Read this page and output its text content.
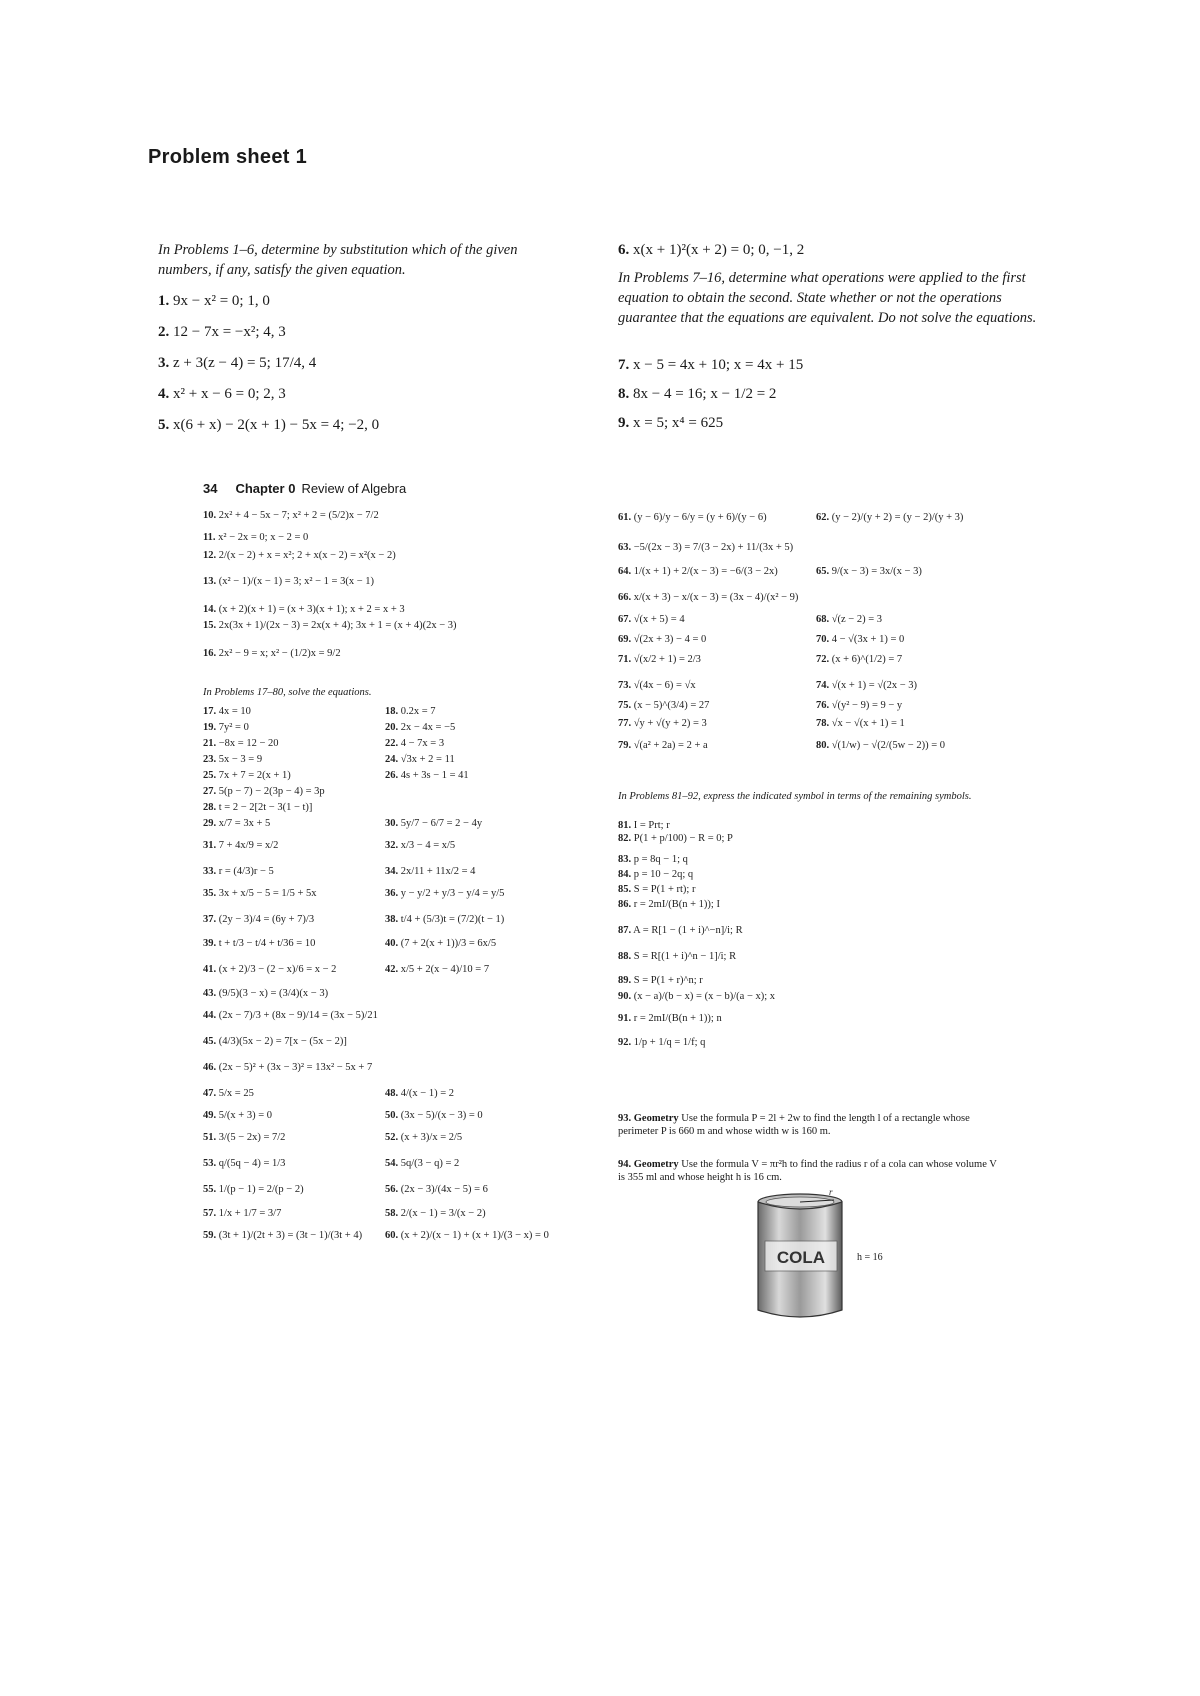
Problem sheet 1
In Problems 1–6, determine by substitution which of the given numbers, if any, satisfy the given equation.
1. 9x − x² = 0; 1, 0
2. 12 − 7x = −x²; 4, 3
3. z + 3(z − 4) = 5; 17/4, 4
4. x² + x − 6 = 0; 2, 3
5. x(6 + x) − 2(x + 1) − 5x = 4; −2, 0
6. x(x + 1)²(x + 2) = 0; 0, −1, 2
In Problems 7–16, determine what operations were applied to the first equation to obtain the second. State whether or not the operations guarantee that the equations are equivalent. Do not solve the equations.
7. x − 5 = 4x + 10; x = 4x + 15
8. 8x − 4 = 16; x − 1/2 = 2
9. x = 5; x⁴ = 625
34 Chapter 0 Review of Algebra
10. 2x² + 4 − 5x − 7; x² + 2 = (5/2)x − 7/2
11. x² − 2x = 0; x − 2 = 0
12. 2/(x − 2) + x = x²; 2 + x(x − 2) = x²(x − 2)
13. (x² − 1)/(x − 1) = 3; x² − 1 = 3(x − 1)
14. (x + 2)(x + 1) = (x + 3)(x + 1); x + 2 = x + 3
15. 2x(3x + 1)/(2x − 3) = 2x(x + 4); 3x + 1 = (x + 4)(2x − 3)
16. 2x² − 9 = x; x² − (1/2)x = 9/2
In Problems 17–80, solve the equations.
17. 4x = 10	18. 0.2x = 7
19. 7y² = 0	20. 2x − 4x = −5
21. −8x = 12 − 20	22. 4 − 7x = 3
23. 5x − 3 = 9	24. √3x + 2 = 11
25. 7x + 7 = 2(x + 1)	26. 4s + 3s − 1 = 41
27. 5(p − 7) − 2(3p − 4) = 3p
28. t = 2 − 2[2t − 3(1 − t)]
29. x/7 = 3x + 5	30. 5y/7 − 6/7 = 2 − 4y
31. 7 + 4x/9 = x/2	32. x/3 − 4 = x/5
33. r = (4/3)r − 5	34. 2x/11 + 11x/2 = 4
35. 3x + x/5 − 5 = 1/5 + 5x	36. y − y/2 + y/3 − y/4 = y/5
37. (2y − 3)/4 = (6y + 7)/3	38. t/4 + (5/3)t = (7/2)(t − 1)
39. t + t/3 − t/4 + t/36 = 10	40. (7 + 2(x + 1))/3 = 6x/5
41. (x + 2)/3 − (2 − x)/6 = x − 2	42. x/5 + 2(x − 4)/10 = 7
43. (9/5)(3 − x) = (3/4)(x − 3)
44. (2x − 7)/3 + (8x − 9)/14 = (3x − 5)/21
45. (4/3)(5x − 2) = 7[x − (5x − 2)]
46. (2x − 5)² + (3x − 3)² = 13x² − 5x + 7
47. 5/x = 25	48. 4/(x − 1) = 2
49. 5/(x + 3) = 0	50. (3x − 5)/(x − 3) = 0
51. 3/(5 − 2x) = 7/2	52. (x + 3)/x = 2/5
53. q/(5q − 4) = 1/3	54. 5q/(3 − q) = 2
55. 1/(p − 1) = 2/(p − 2)	56. (2x − 3)/(4x − 5) = 6
57. 1/x + 1/7 = 3/7	58. 2/(x − 1) = 3/(x − 2)
59. (3t + 1)/(2t + 3) = (3t − 1)/(3t + 4) 60. (x + 2)/(x − 1) + (x + 1)/(3 − x) = 0
61. (y − 6)/y − 6/y = (y + 6)/(y − 6)	62. (y − 2)/(y + 2) = (y − 2)/(y + 3)
63. −5/(2x − 3) = 7/(3 − 2x) + 11/(3x + 5)
64. 1/(x + 1) + 2/(x − 3) = −6/(3 − 2x)	65. 9/(x − 3) = 3x/(x − 3)
66. x/(x + 3) − x/(x − 3) = (3x − 4)/(x² − 9)
67. √(x + 5) = 4	68. √(z − 2) = 3
69. √(2x + 3) − 4 = 0	70. 4 − √(3x + 1) = 0
71. √(x/2 + 1) = 2/3	72. (x + 6)^(1/2) = 7
73. √(4x − 6) = √x	74. √(x + 1) = √(2x − 3)
75. (x − 5)^(3/4) = 27	76. √(y² − 9) = 9 − y
77. √y + √(y + 2) = 3	78. √x − √(x + 1) = 1
79. √(a² + 2a) = 2 + a	80. √(1/w) − √(2/(5w − 2)) = 0
In Problems 81–92, express the indicated symbol in terms of the remaining symbols.
81. I = Prt; r
82. P(1 + p/100) − R = 0; P
83. p = 8q − 1; q
84. p = 10 − 2q; q
85. S = P(1 + rt); r
86. r = 2mI/(B(n + 1)); I
87. A = R[1 − (1 + i)^−n]/i; R
88. S = R[(1 + i)^n − 1]/i; R
89. S = P(1 + r)^n; r
90. (x − a)/(b − x) = (x − b)/(a − x); x
91. r = 2mI/(B(n + 1)); n
92. 1/p + 1/q = 1/f; q
93. Geometry Use the formula P = 2l + 2w to find the length l of a rectangle whose perimeter P is 660 m and whose width w is 160 m.
94. Geometry Use the formula V = πr²h to find the radius r of a cola can whose volume V is 355 ml and whose height h is 16 cm.
COLA
r
h = 16
